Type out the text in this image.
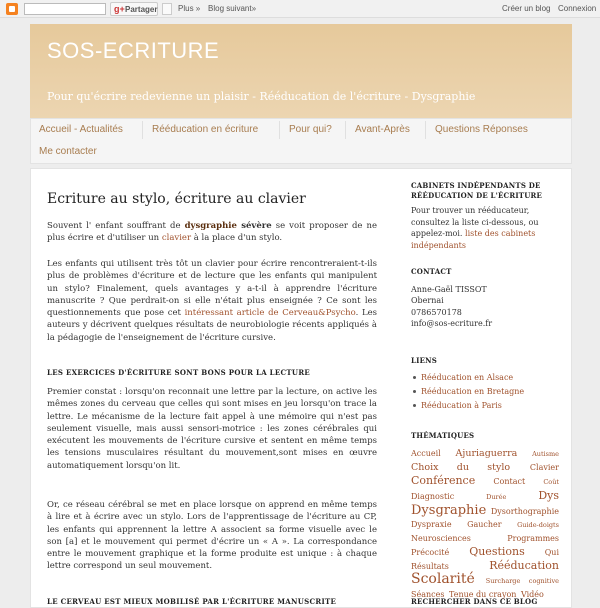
g+ Partager	Plus » Blog suivant»	Créer un blog Connexion
SOS-ECRITURE
Pour qu'écrire redevienne un plaisir - Rééducation de l'écriture - Dysgraphie
Accueil - Actualités	Rééducation en écriture	Pour qui? Avant-Après	Questions Réponses
Me contacter
Ecriture au stylo, écriture au clavier
Souvent l' enfant souffrant de dysgraphie sévère se voit proposer de ne plus écrire et d'utiliser un clavier à la place d'un stylo.
Les enfants qui utilisent très tôt un clavier pour écrire rencontreraient-t-ils plus de problèmes d'écriture et de lecture que les enfants qui manipulent un stylo? Finalement, quels avantages y a-t-il à apprendre l'écriture manuscrite ? Que perdrait-on si elle n'était plus enseignée ? Ce sont les questionnements que pose cet intéressant article de Cerveau&Psycho. Les auteurs y décrivent quelques résultats de neurobiologie récents appliqués à la pédagogie de l'enseignement de l'écriture cursive.
LES EXERCICES D'ÉCRITURE SONT BONS POUR LA LECTURE
Premier constat : lorsqu'on reconnait une lettre par la lecture, on active les mêmes zones du cerveau que celles qui sont mises en jeu lorsqu'on trace la lettre. Le mécanisme de la lecture fait appel à une mémoire qui n'est pas seulement visuelle, mais aussi sensori-motrice : les zones cérébrales qui exécutent les mouvements de l'écriture cursive et sentent en même temps les tensions musculaires résultant du mouvement,sont mises en œuvre automatiquement lorsqu'on lit.
Or, ce réseau cérébral se met en place lorsque on apprend en même temps à lire et à écrire avec un stylo. Lors de l'apprentissage de l'écriture au CP, les enfants qui apprennent la lettre A associent sa forme visuelle avec le son [a] et le mouvement qui permet d'écrire un « A ». La correspondance entre le mouvement graphique et la forme produite est unique : à chaque lettre correspond un seul mouvement.
LE CERVEAU EST MIEUX MOBILISÉ PAR L'ÉCRITURE MANUSCRITE
CABINETS INDÉPENDANTS DE RÉÉDUCATION DE L'ÉCRITURE
Pour trouver un rééducateur, consultez la liste ci-dessous, ou appelez-moi. liste des cabinets indépendants
CONTACT
Anne-Gaël TISSOT
Obernai
0786570178
info@sos-ecriture.fr
LIENS
Rééducation en Alsace
Rééducation en Bretagne
Rééducation à Paris
THÉMATIQUES
Accueil Ajuriaguerra Autisme Choix du stylo Clavier Conférence Contact	Coût Diagnostic	Durée	Dys Dysgraphie Dysorthographie Dyspraxie Gaucher Guide-doigts Neurosciences	Programmes Précocité Questions Qui Résultats	Rééducation Scolarité Surcharge cognitive Séances Tenue du crayon Vidéo
RECHERCHER DANS CE BLOG
